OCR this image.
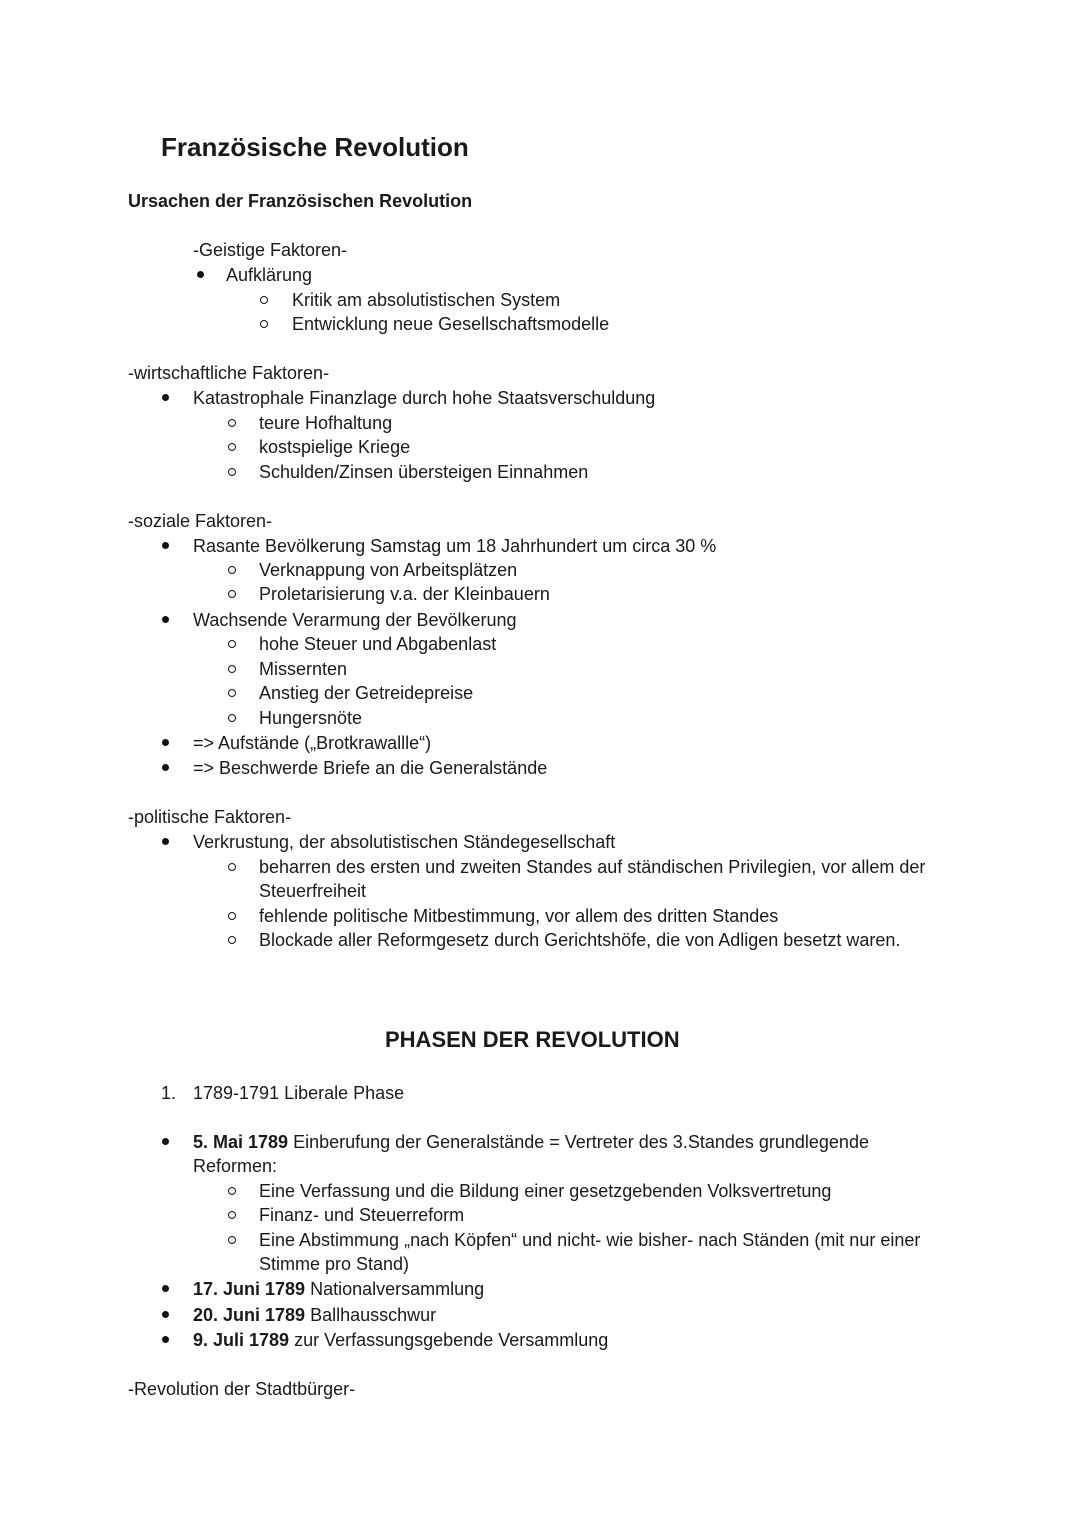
Französische Revolution
Ursachen der Französischen Revolution
-Geistige Faktoren-
Aufklärung
Kritik am absolutistischen System
Entwicklung neue Gesellschaftsmodelle
-wirtschaftliche Faktoren-
Katastrophale Finanzlage durch hohe Staatsverschuldung
teure Hofhaltung
kostspielige Kriege
Schulden/Zinsen übersteigen Einnahmen
-soziale Faktoren-
Rasante Bevölkerung Samstag um 18 Jahrhundert um circa 30 %
Verknappung von Arbeitsplätzen
Proletarisierung v.a. der Kleinbauern
Wachsende Verarmung der Bevölkerung
hohe Steuer und Abgabenlast
Missernten
Anstieg der Getreidepreise
Hungersnöte
=> Aufstände („Brotkrawallle“)
=> Beschwerde Briefe an die Generalstände
-politische Faktoren-
Verkrustung, der absolutistischen Ständegesellschaft
beharren des ersten und zweiten Standes auf ständischen Privilegien, vor allem der
Steuerfreiheit
fehlende politische Mitbestimmung, vor allem des dritten Standes
Blockade aller Reformgesetz durch Gerichtshöfe, die von Adligen besetzt waren.
PHASEN DER REVOLUTION
1. 1789-1791 Liberale Phase
5. Mai 1789 Einberufung der Generalstände = Vertreter des 3.Standes grundlegende
Reformen:
Eine Verfassung und die Bildung einer gesetzgebenden Volksvertretung
Finanz- und Steuerreform
Eine Abstimmung „nach Köpfen“ und nicht- wie bisher- nach Ständen (mit nur einer
Stimme pro Stand)
17. Juni 1789 Nationalversammlung
20. Juni 1789 Ballhausschwur
9. Juli 1789 zur Verfassungsgebende Versammlung
-Revolution der Stadtbürger-
